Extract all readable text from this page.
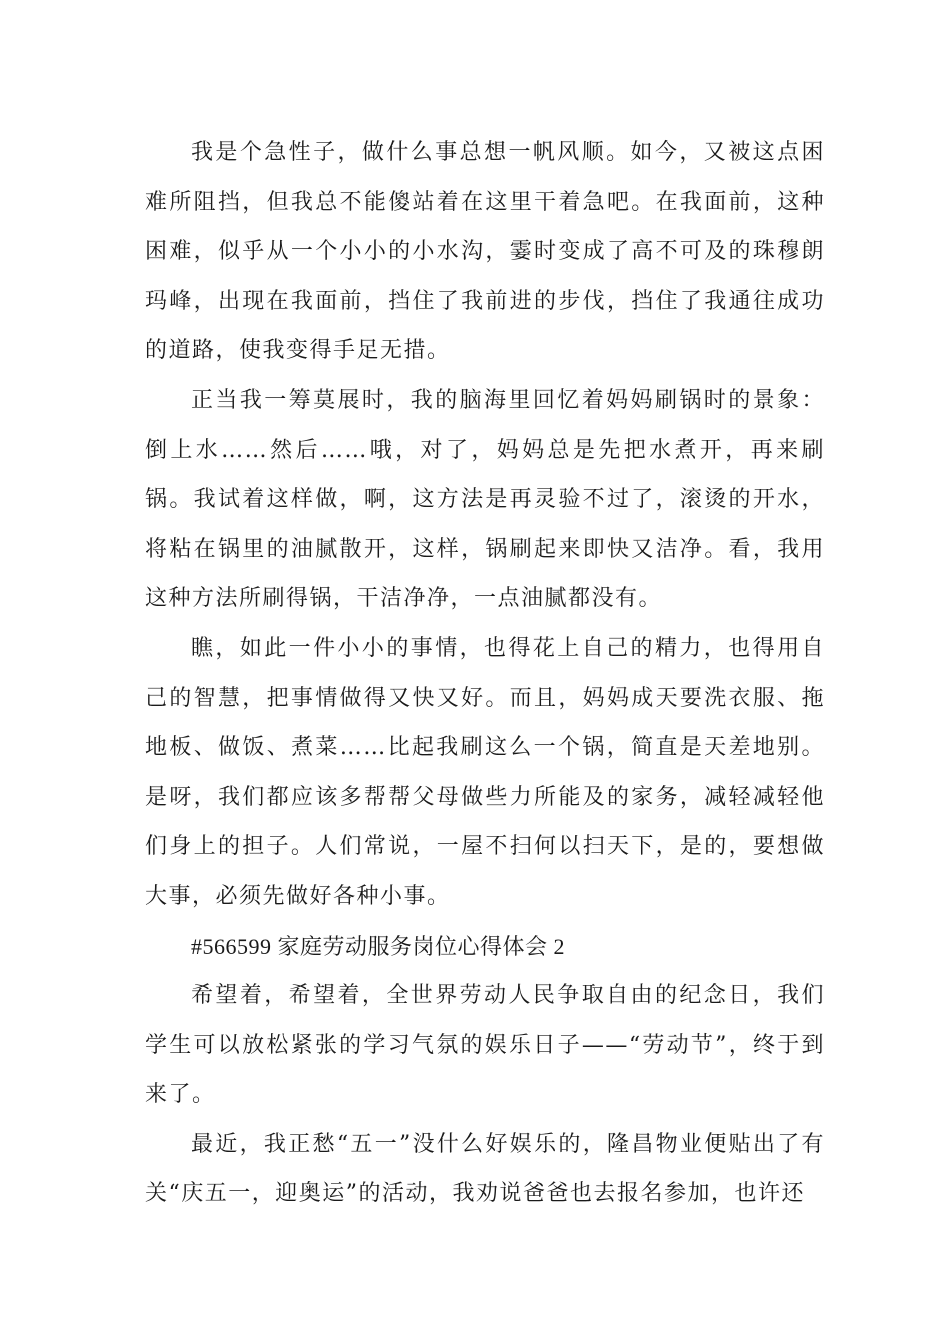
我是个急性子，做什么事总想一帆风顺。如今，又被这点困难所阻挡，但我总不能傻站着在这里干着急吧。在我面前，这种困难，似乎从一个小小的小水沟，霎时变成了高不可及的珠穆朗玛峰，出现在我面前，挡住了我前进的步伐，挡住了我通往成功的道路，使我变得手足无措。

正当我一筹莫展时，我的脑海里回忆着妈妈刷锅时的景象：倒上水……然后……哦，对了，妈妈总是先把水煮开，再来刷锅。我试着这样做，啊，这方法是再灵验不过了，滚烫的开水，将粘在锅里的油腻散开，这样，锅刷起来即快又洁净。看，我用这种方法所刷得锅，干洁净净，一点油腻都没有。

瞧，如此一件小小的事情，也得花上自己的精力，也得用自己的智慧，把事情做得又快又好。而且，妈妈成天要洗衣服、拖地板、做饭、煮菜……比起我刷这么一个锅，简直是天差地别。是呀，我们都应该多帮帮父母做些力所能及的家务，减轻减轻他们身上的担子。人们常说，一屋不扫何以扫天下，是的，要想做大事，必须先做好各种小事。

#566599 家庭劳动服务岗位心得体会 2

希望着，希望着，全世界劳动人民争取自由的纪念日，我们学生可以放松紧张的学习气氛的娱乐日子——“劳动节”，终于到来了。

最近，我正愁“五一”没什么好娱乐的，隆昌物业便贴出了有关“庆五一，迎奥运”的活动，我劝说爸爸也去报名参加，也许还
